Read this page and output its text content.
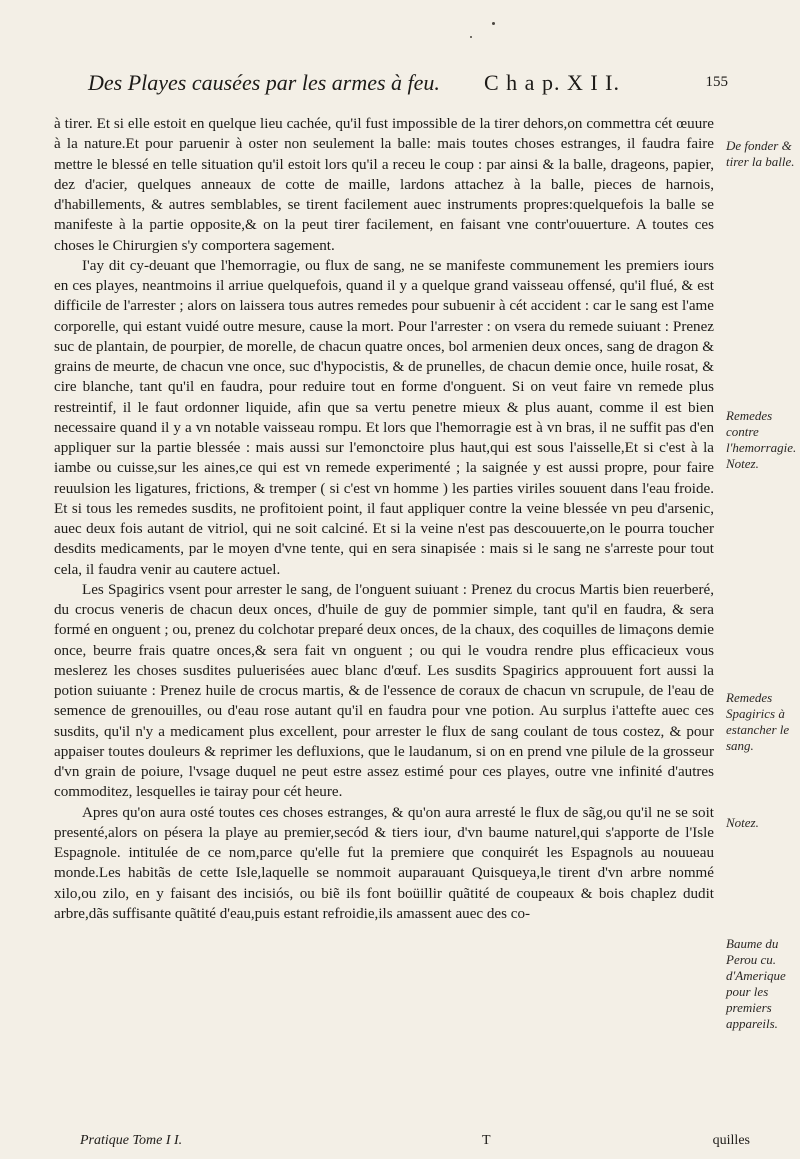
Des Playes causées par les armes à feu. C h a p. X I I.	155

à tirer. Et si elle estoit en quelque lieu cachée, qu'il fust impossible de la tirer dehors,on commettra cét œuure à la nature.Et pour paruenir à oster non seulement la balle: mais toutes choses estranges, il faudra faire mettre le blessé en telle situation qu'il estoit lors qu'il a receu le coup : par ainsi & la balle, drageons, papier, dez d'acier, quelques anneaux de cotte de maille, lardons attachez à la balle, pieces de harnois, d'habillements, & autres semblables, se tirent facilement auec instruments propres:quelquefois la balle se manifeste à la partie opposite,& on la peut tirer facilement, en faisant vne contr'ouuerture. A toutes ces choses le Chirurgien s'y comportera sagement.

I'ay dit cy-deuant que l'hemorragie, ou flux de sang, ne se manifeste communement les premiers iours en ces playes, neantmoins il arriue quelquefois, quand il y a quelque grand vaisseau offensé, qu'il flué, & est difficile de l'arrester ; alors on laissera tous autres remedes pour subuenir à cét accident : car le sang est l'ame corporelle, qui estant vuidé outre mesure, cause la mort. Pour l'arrester : on vsera du remede suiuant : Prenez suc de plantain, de pourpier, de morelle, de chacun quatre onces, bol armenien deux onces, sang de dragon & grains de meurte, de chacun vne once, suc d'hypocistis, & de prunelles, de chacun demie once, huile rosat, & cire blanche, tant qu'il en faudra, pour reduire tout en forme d'onguent. Si on veut faire vn remede plus restreintif, il le faut ordonner liquide, afin que sa vertu penetre mieux & plus auant, comme il est bien necessaire quand il y a vn notable vaisseau rompu. Et lors que l'hemorragie est à vn bras, il ne suffit pas d'en appliquer sur la partie blessée : mais aussi sur l'emonctoire plus haut,qui est sous l'aisselle,Et si c'est à la iambe ou cuisse,sur les aines,ce qui est vn remede experimenté ; la saignée y est aussi propre, pour faire reuulsion les ligatures, frictions, & tremper ( si c'est vn homme ) les parties viriles souuent dans l'eau froide. Et si tous les remedes susdits, ne profitoient point, il faut appliquer contre la veine blessée vn peu d'arsenic, auec deux fois autant de vitriol, qui ne soit calciné. Et si la veine n'est pas descouuerte,on le pourra toucher desdits medicaments, par le moyen d'vne tente, qui en sera sinapisée : mais si le sang ne s'arreste pour tout cela, il faudra venir au cautere actuel.

Les Spagirics vsent pour arrester le sang, de l'onguent suiuant : Prenez du crocus Martis bien reuerberé, du crocus veneris de chacun deux onces, d'huile de guy de pommier simple, tant qu'il en faudra, & sera formé en onguent ; ou, prenez du colchotar preparé deux onces, de la chaux, des coquilles de limaçons demie once, beurre frais quatre onces,& sera fait vn onguent ; ou qui le voudra rendre plus efficacieux vous meslerez les choses susdites puluerisées auec blanc d'œuf. Les susdits Spagirics approuuent fort aussi la potion suiuante : Prenez huile de crocus martis, & de l'essence de coraux de chacun vn scrupule, de l'eau de semence de grenouilles, ou d'eau rose autant qu'il en faudra pour vne potion. Au surplus i'attefte auec ces susdits, qu'il n'y a medicament plus excellent, pour arrester le flux de sang coulant de tous costez, & pour appaiser toutes douleurs & reprimer les defluxions, que le laudanum, si on en prend vne pilule de la grosseur d'vn grain de poiure, l'vsage duquel ne peut estre assez estimé pour ces playes, outre vne infinité d'autres commoditez, lesquelles ie tairay pour cét heure.

Apres qu'on aura osté toutes ces choses estranges, & qu'on aura arresté le flux de sãg,ou qu'il ne se soit presenté,alors on pésera la playe au premier,secód & tiers iour, d'vn baume naturel,qui s'apporte de l'Isle Espagnole. intitulée de ce nom,parce qu'elle fut la premiere que conquirét les Espagnols au nouueau monde.Les habitãs de cette Isle,laquelle se nommoit auparauant Quisqueya,le tirent d'vn arbre nommé xilo,ou zilo, en y faisant des incisiós, ou biẽ ils font boüillir quãtité de coupeaux & bois chaplez dudit arbre,dãs suffisante quãtité d'eau,puis estant refroidie,ils amassent auec des co-

De fonder & tirer la balle.
Remedes contre l'hemorragie. Notez.
Remedes Spagirics à estancher le sang.
Notez.
Baume du Perou cu. d'Amerique pour les premiers appareils.
Pratique Tome I I.	T	quilles
